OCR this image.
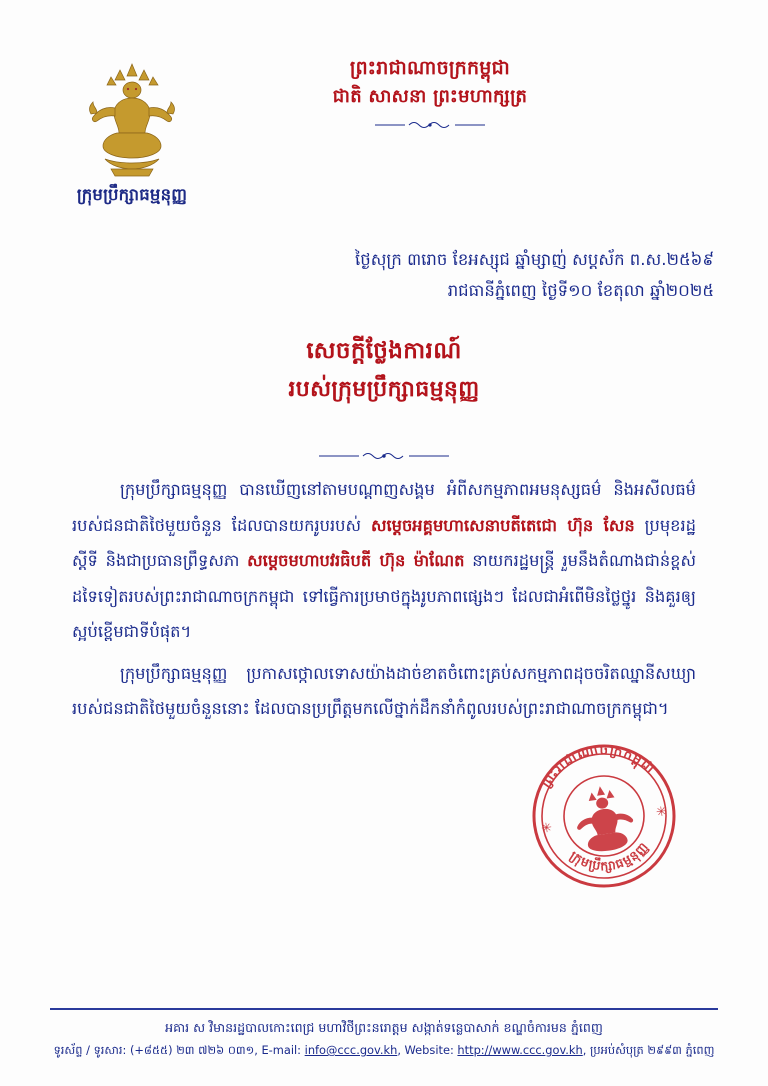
ក្រុមប្រឹក្សាធម្មនុញ្ញ
ព្រះរាជាណាចក្រកម្ពុជា
ជាតិ សាសនា ព្រះមហាក្សត្រ
ថ្ងៃសុក្រ ៣រោច ខែអស្សុជ ឆ្នាំម្សាញ់ សប្ដស័ក ព.ស.២៥៦៩
រាជធានីភ្នំពេញ ថ្ងៃទី១០ ខែតុលា ឆ្នាំ២០២៥
សេចក្ដីថ្លែងការណ៍
របស់ក្រុមប្រឹក្សាធម្មនុញ្ញ

ក្រុមប្រឹក្សាធម្មនុញ្ញ បានឃើញនៅតាមបណ្ដាញសង្គម អំពីសកម្មភាពអមនុស្សធម៌ និងអសីលធម៌របស់ជនជាតិថៃមួយចំនួន ដែលបានយករូបរបស់ សម្ដេចអគ្គមហាសេនាបតីតេជោ ហ៊ុន សែន ប្រមុខរដ្ឋស្ដីទី និងជាប្រធានព្រឹទ្ធសភា សម្ដេចមហាបវរធិបតី ហ៊ុន ម៉ាណែត នាយករដ្ឋមន្ត្រី រួមនឹងតំណាងជាន់ខ្ពស់ដទៃទៀតរបស់ព្រះរាជាណាចក្រកម្ពុជា ទៅធ្វើការប្រមាថក្នុងរូបភាពផ្សេងៗ ដែលជាអំពើមិនថ្លៃថ្នូរ និងគួរឲ្យស្អប់ខ្ពើមជាទីបំផុត។

ក្រុមប្រឹក្សាធម្មនុញ្ញ ប្រកាសថ្កោលទោសយ៉ាងដាច់ខាតចំពោះគ្រប់សកម្មភាពដុចចរិតឈ្នានីសឃ្យារបស់ជនជាតិថៃមួយចំនួននោះ ដែលបានប្រព្រឹត្តមកលើថ្នាក់ដឹកនាំកំពូលរបស់ព្រះរាជាណាចក្រកម្ពុជា។

✳
✳
ព្រះរាជាណាចក្រកម្ពុជា
ក្រុមប្រឹក្សាធម្មនុញ្ញ
អគារ ស វិមានរដ្ឋបាលកោះពេជ្រ មហាវិថីព្រះនរោត្តម សង្កាត់ទន្លេបាសាក់ ខណ្ឌចំការមន ភ្នំពេញ
ទូរស័ព្ទ / ទូរសារ: (+៨៥៥) ២៣ ៧២៦ ០៣១, E-mail: info@ccc.gov.kh, Website: http://www.ccc.gov.kh, ប្រអប់សំបុត្រ ២៩៩៣ ភ្នំពេញ
